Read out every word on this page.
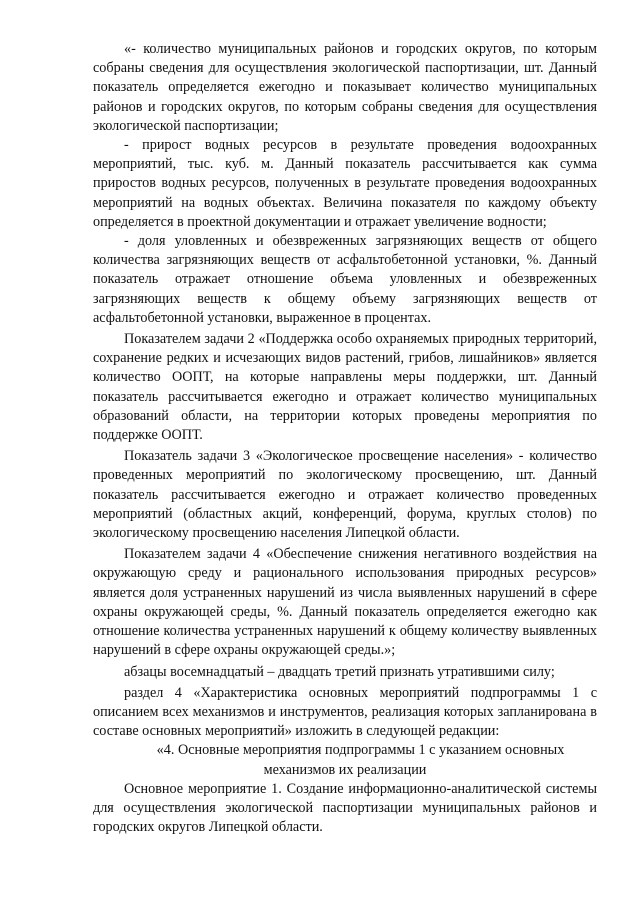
«- количество муниципальных районов и городских округов, по которым собраны сведения для осуществления экологической паспортизации, шт. Данный показатель определяется ежегодно и показывает количество муниципальных районов и городских округов, по которым собраны сведения для осуществления экологической паспортизации;

- прирост водных ресурсов в результате проведения водоохранных мероприятий, тыс. куб. м. Данный показатель рассчитывается как сумма приростов водных ресурсов, полученных в результате проведения водоохранных мероприятий на водных объектах. Величина показателя по каждому объекту определяется в проектной документации и отражает увеличение водности;

- доля уловленных и обезвреженных загрязняющих веществ от общего количества загрязняющих веществ от асфальтобетонной установки, %. Данный показатель отражает отношение объема уловленных и обезвреженных загрязняющих веществ к общему объему загрязняющих веществ от асфальтобетонной установки, выраженное в процентах.

Показателем задачи 2 «Поддержка особо охраняемых природных территорий, сохранение редких и исчезающих видов растений, грибов, лишайников» является количество ООПТ, на которые направлены меры поддержки, шт. Данный показатель рассчитывается ежегодно и отражает количество муниципальных образований области, на территории которых проведены мероприятия по поддержке ООПТ.

Показатель задачи 3 «Экологическое просвещение населения» - количество проведенных мероприятий по экологическому просвещению, шт. Данный показатель рассчитывается ежегодно и отражает количество проведенных мероприятий (областных акций, конференций, форума, круглых столов) по экологическому просвещению населения Липецкой области.

Показателем задачи 4 «Обеспечение снижения негативного воздействия на окружающую среду и рационального использования природных ресурсов» является доля устраненных нарушений из числа выявленных нарушений в сфере охраны окружающей среды, %. Данный показатель определяется ежегодно как отношение количества устраненных нарушений к общему количеству выявленных нарушений в сфере охраны окружающей среды.»;

абзацы восемнадцатый – двадцать третий признать утратившими силу;

раздел 4 «Характеристика основных мероприятий подпрограммы 1 с описанием всех механизмов и инструментов, реализация которых запланирована в составе основных мероприятий» изложить в следующей редакции:

«4. Основные мероприятия подпрограммы 1 с указанием основных

механизмов их реализации

Основное мероприятие 1. Создание информационно-аналитической системы для осуществления экологической паспортизации муниципальных районов и городских округов Липецкой области.
